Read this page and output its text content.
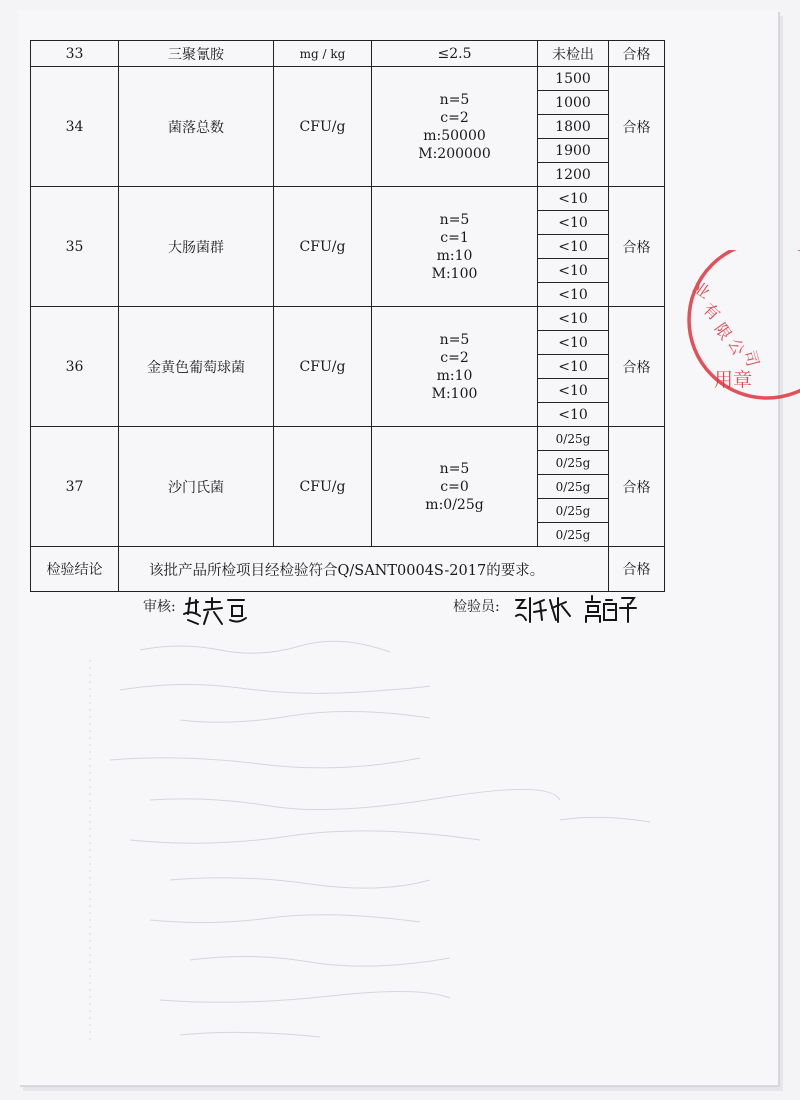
33	三聚氰胺	mg / kg	≤2.5	未检出	合格
34	菌落总数	CFU/g	n=5
c=2
m:50000
M:200000	1500	合格
				1000	
				1800	
				1900	
				1200	
35	大肠菌群	CFU/g	n=5
c=1
m:10
M:100	<10	合格
				<10	
				<10	
				<10	
				<10	
36	金黄色葡萄球菌	CFU/g	n=5
c=2
m:10
M:100	<10	合格
				<10	
				<10	
				<10	
				<10	
37	沙门氏菌	CFU/g	n=5
c=0
m:0/25g	0/25g	合格
				0/25g	
				0/25g	
				0/25g	
				0/25g	
检验结论	该批产品所检项目经检验符合Q/SANT0004S-2017的要求。				合格
审核:	检验员:
业
有
限
公
司
用章
